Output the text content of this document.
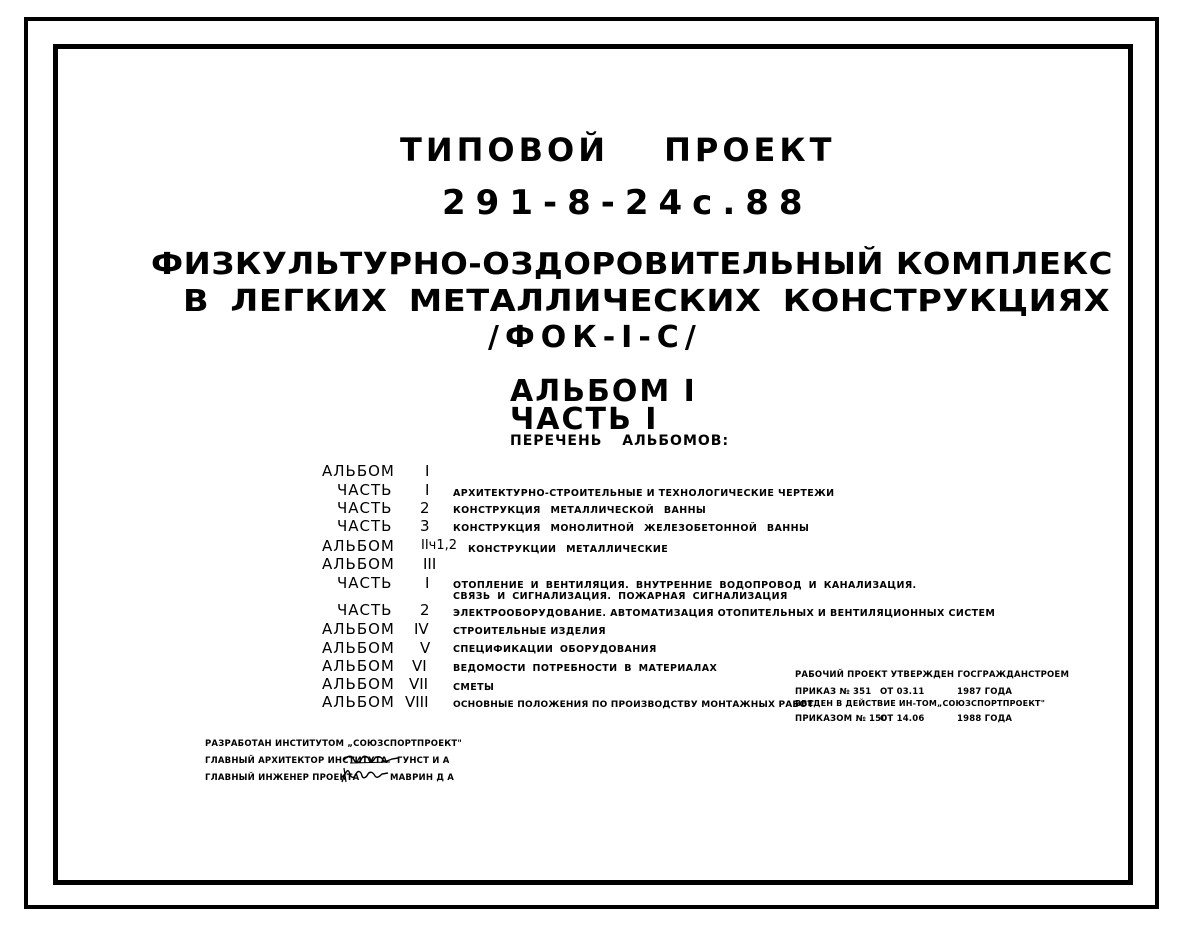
ТИПОВОЙ ПРОЕКТ
291-8-24с.88
ФИЗКУЛЬТУРНО-ОЗДОРОВИТЕЛЬНЫЙ КОМПЛЕКС
В ЛЕГКИХ МЕТАЛЛИЧЕСКИХ КОНСТРУКЦИЯХ
/ФОК-I-С/
АЛЬБОМ I
ЧАСТЬ I
ПЕРЕЧЕНЬ АЛЬБОМОВ:
АЛЬБОМ I
ЧАСТЬ I АРХИТЕКТУРНО-СТРОИТЕЛЬНЫЕ И ТЕХНОЛОГИЧЕСКИЕ ЧЕРТЕЖИ
ЧАСТЬ 2 КОНСТРУКЦИЯ МЕТАЛЛИЧЕСКОЙ ВАННЫ
ЧАСТЬ 3 КОНСТРУКЦИЯ МОНОЛИТНОЙ ЖЕЛЕЗОБЕТОННОЙ ВАННЫ
АЛЬБОМ IIч1,2 КОНСТРУКЦИИ МЕТАЛЛИЧЕСКИЕ
АЛЬБОМ III
ЧАСТЬ I ОТОПЛЕНИЕ И ВЕНТИЛЯЦИЯ. ВНУТРЕННИЕ ВОДОПРОВОД И КАНАЛИЗАЦИЯ.
СВЯЗЬ И СИГНАЛИЗАЦИЯ. ПОЖАРНАЯ СИГНАЛИЗАЦИЯ
ЧАСТЬ 2 ЭЛЕКТРООБОРУДОВАНИЕ. АВТОМАТИЗАЦИЯ ОТОПИТЕЛЬНЫХ И ВЕНТИЛЯЦИОННЫХ СИСТЕМ
АЛЬБОМ IV	СТРОИТЕЛЬНЫЕ ИЗДЕЛИЯ
АЛЬБОМ V СПЕЦИФИКАЦИИ ОБОРУДОВАНИЯ
АЛЬБОМ VI	ВЕДОМОСТИ ПОТРЕБНОСТИ В МАТЕРИАЛАХ
АЛЬБОМ VII	СМЕТЫ
АЛЬБОМ VIII	ОСНОВНЫЕ ПОЛОЖЕНИЯ ПО ПРОИЗВОДСТВУ МОНТАЖНЫХ РАБОТ
РАБОЧИЙ ПРОЕКТ УТВЕРЖДЕН ГОСГРАЖДАНСТРОЕМ
ПРИКАЗ № 351 ОТ 03.11	1987 ГОДА
ВВЕДЕН В ДЕЙСТВИЕ ИН-ТОМ„СОЮЗСПОРТПРОЕКТ"
ПРИКАЗОМ № 150
ОТ 14.06	1988 ГОДА
РАЗРАБОТАН ИНСТИТУТОМ „СОЮЗСПОРТПРОЕКТ"
ГЛАВНЫЙ АРХИТЕКТОР ИНСТИТУТА ГУНСТ И А
ГЛАВНЫЙ ИНЖЕНЕР ПРОЕКТА	МАВРИН Д А
